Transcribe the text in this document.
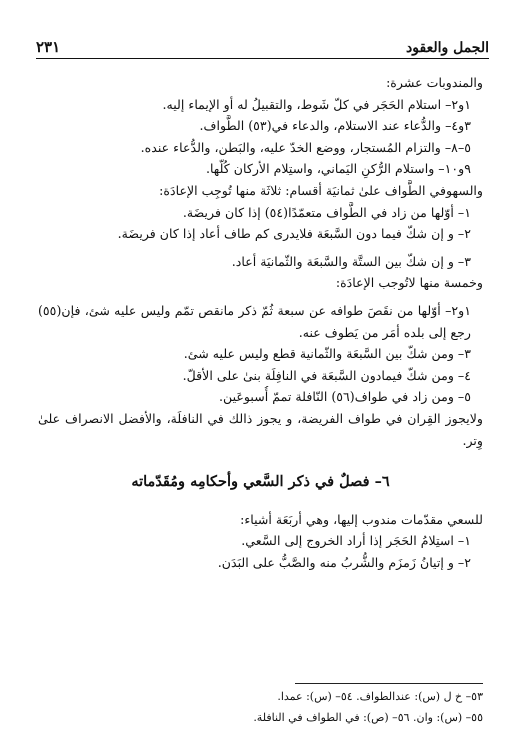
الجمل والعقود
٢٣١

والمندوبات عشرة:

١و٢– استلام الحَجَر في كلّ شَوط، والتقبيلُ له أو الإيماء إليه.

٣و٤– والدُّعاء عند الاستلام، والدعاء في(٥٣) الطَّواف.

٥–٨– والتزام المُستجار، ووضع الخدّ عليه، والبَطن، والدُّعاء عنده.

٩و١٠– واستلام الرُّكنِ اليَماني، واستِلام الأركان كُلّها.

والسهوفي الطَّواف علىٰ ثمانيَة أقسام: ثلاثَة منها تُوجِب الإعادَة:

١– أوّلها من زاد في الطَّواف متعمّدًا(٥٤) إذا كان فريضَة.

٢– و إن شكّ فيما دون السَّبعَة فلايدرى كم طاف أعاد إذا كان فريضَة.

٣– و إن شكّ بين الستَّة والسَّبعَة والثّمانيَة أعاد.

وخمسة منها لاتُوجب الإعادَة:

١و٢– أوّلها من نقَصَ طوافه عن سبعة ثُمّ ذكر مانقص تمّم وليس عليه شئ، فإن(٥٥) رجع إلى بلده أمَر من يَطوف عنه.

٣– ومن شكّ بين السَّبعَة والثّمانية قطع وليس عليه شئ.

٤– ومن شكّ فيمادون السَّبعَة في النافِلَة بنىٰ على الأقلّ.

٥– ومن زاد في طواف(٥٦) النّافلة تممّ أُسبوعَين.

ولايجوز القِران في طواف الفريضة، و يجوز ذالك في النافلَة، والأفضل الانصراف علىٰ وِتر.

٦– فصلٌ في ذكر السَّعي وأحكامِه ومُقَدّماته

للسعي مقدّمات مندوب إليها، وهي أربَعَة أشياء:

١– استِلامُ الحَجَر إذا أراد الخروج إلى السَّعي.

٢– و إتيانُ زَمزَم والشُّربُ منه والصَّبُّ على البَدَن.

٥٣– خ ل (س): عندالطواف. ٥٤– (س): عمدا.

٥٥– (س): وان. ٥٦– (ص): في الطواف في النافلة.
